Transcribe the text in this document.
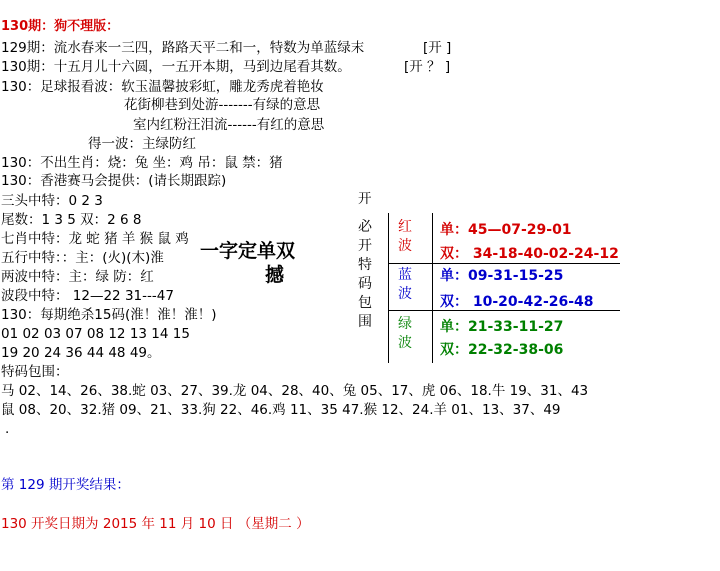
130期：狗不理版：
129期：流水春来一三四，路路天平二和一，特数为单蓝绿末	[开 ]
130期：十五月儿十六圆，一五开本期，马到边尾看其数。	[开 ？ ]
130：足球报看波：软玉温馨披彩虹，雕龙秀虎着艳妆
花街柳巷到处游-------有绿的意思
室内红粉汪泪流------有红的意思
得一波：主绿防红
130：不出生肖：烧：兔 坐：鸡 吊：鼠 禁：猪
130：香港赛马会提供：(请长期跟踪)
三头中特：0 2 3
尾数：1 3 5 双：2 6 8
七肖中特：龙 蛇 猪 羊 猴 鼠 鸡
五行中特：：主：(火)(木)淮
两波中特：主：绿 防：红
波段中特： 12—22 31---47
130：每期绝杀15码(淮！淮！淮！)
01 02 03 07 08 12 13 14 15
19 20 24 36 44 48 49。
特码包围：
马 02、14、26、38.蛇 03、27、39.龙 04、28、40、兔 05、17、虎 06、18.牛 19、31、43
鼠 08、20、32.猪 09、21、33.狗 22、46.鸡 11、35 47.猴 12、24.羊 01、13、37、49
.
第 129 期开奖结果：
130 开奖日期为 2015 年 11 月 10 日 （星期二 ）
一字定单双
撼
开
必开特码包围
红波
蓝波
绿波
单：45—07-29-01
双： 34-18-40-02-24-12
单：09-31-15-25
双： 10-20-42-26-48
单：21-33-11-27
双：22-32-38-06
